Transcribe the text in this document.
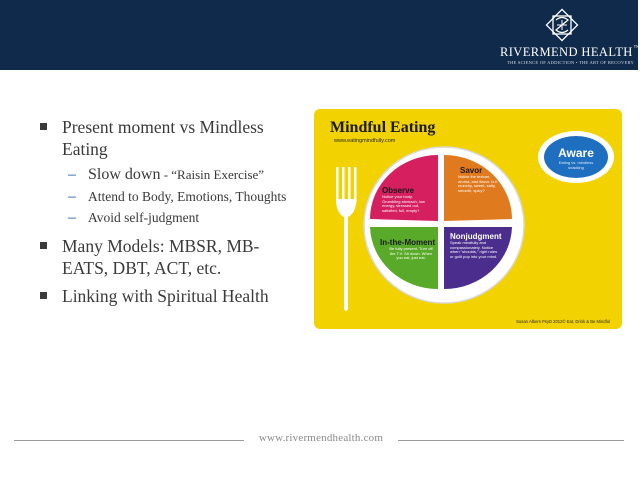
RIVERMEND HEALTH™
THE SCIENCE OF ADDICTION • THE ART OF RECOVERY
Present moment vs Mindless Eating
– Slow down - “Raisin Exercise”
– Attend to Body, Emotions, Thoughts
– Avoid self-judgment
Many Models: MBSR, MB-EATS, DBT, ACT, etc.
Linking with Spiritual Health
Mindful Eating
www.eatingmindfully.com
Savor
Observe
In-the-Moment
Nonjudgment
Notice the texture, aroma, and flavor. Is it crunchy, sweet, salty, smooth, spicy?
Notice your body. Grumbling stomach, low energy, stressed out, satisfied, full, empty?
Be fully present. Turn off the T.V. Sit down. When you eat, just eat.
Speak mindfully and compassionately. Notice when "shoulds," right rules or guilt pop into your mind.
Aware
Eating vs. mindless snacking
Susan Albers PsyD 2012© Eat, Drink & Be Mindful
www.rivermendhealth.com
